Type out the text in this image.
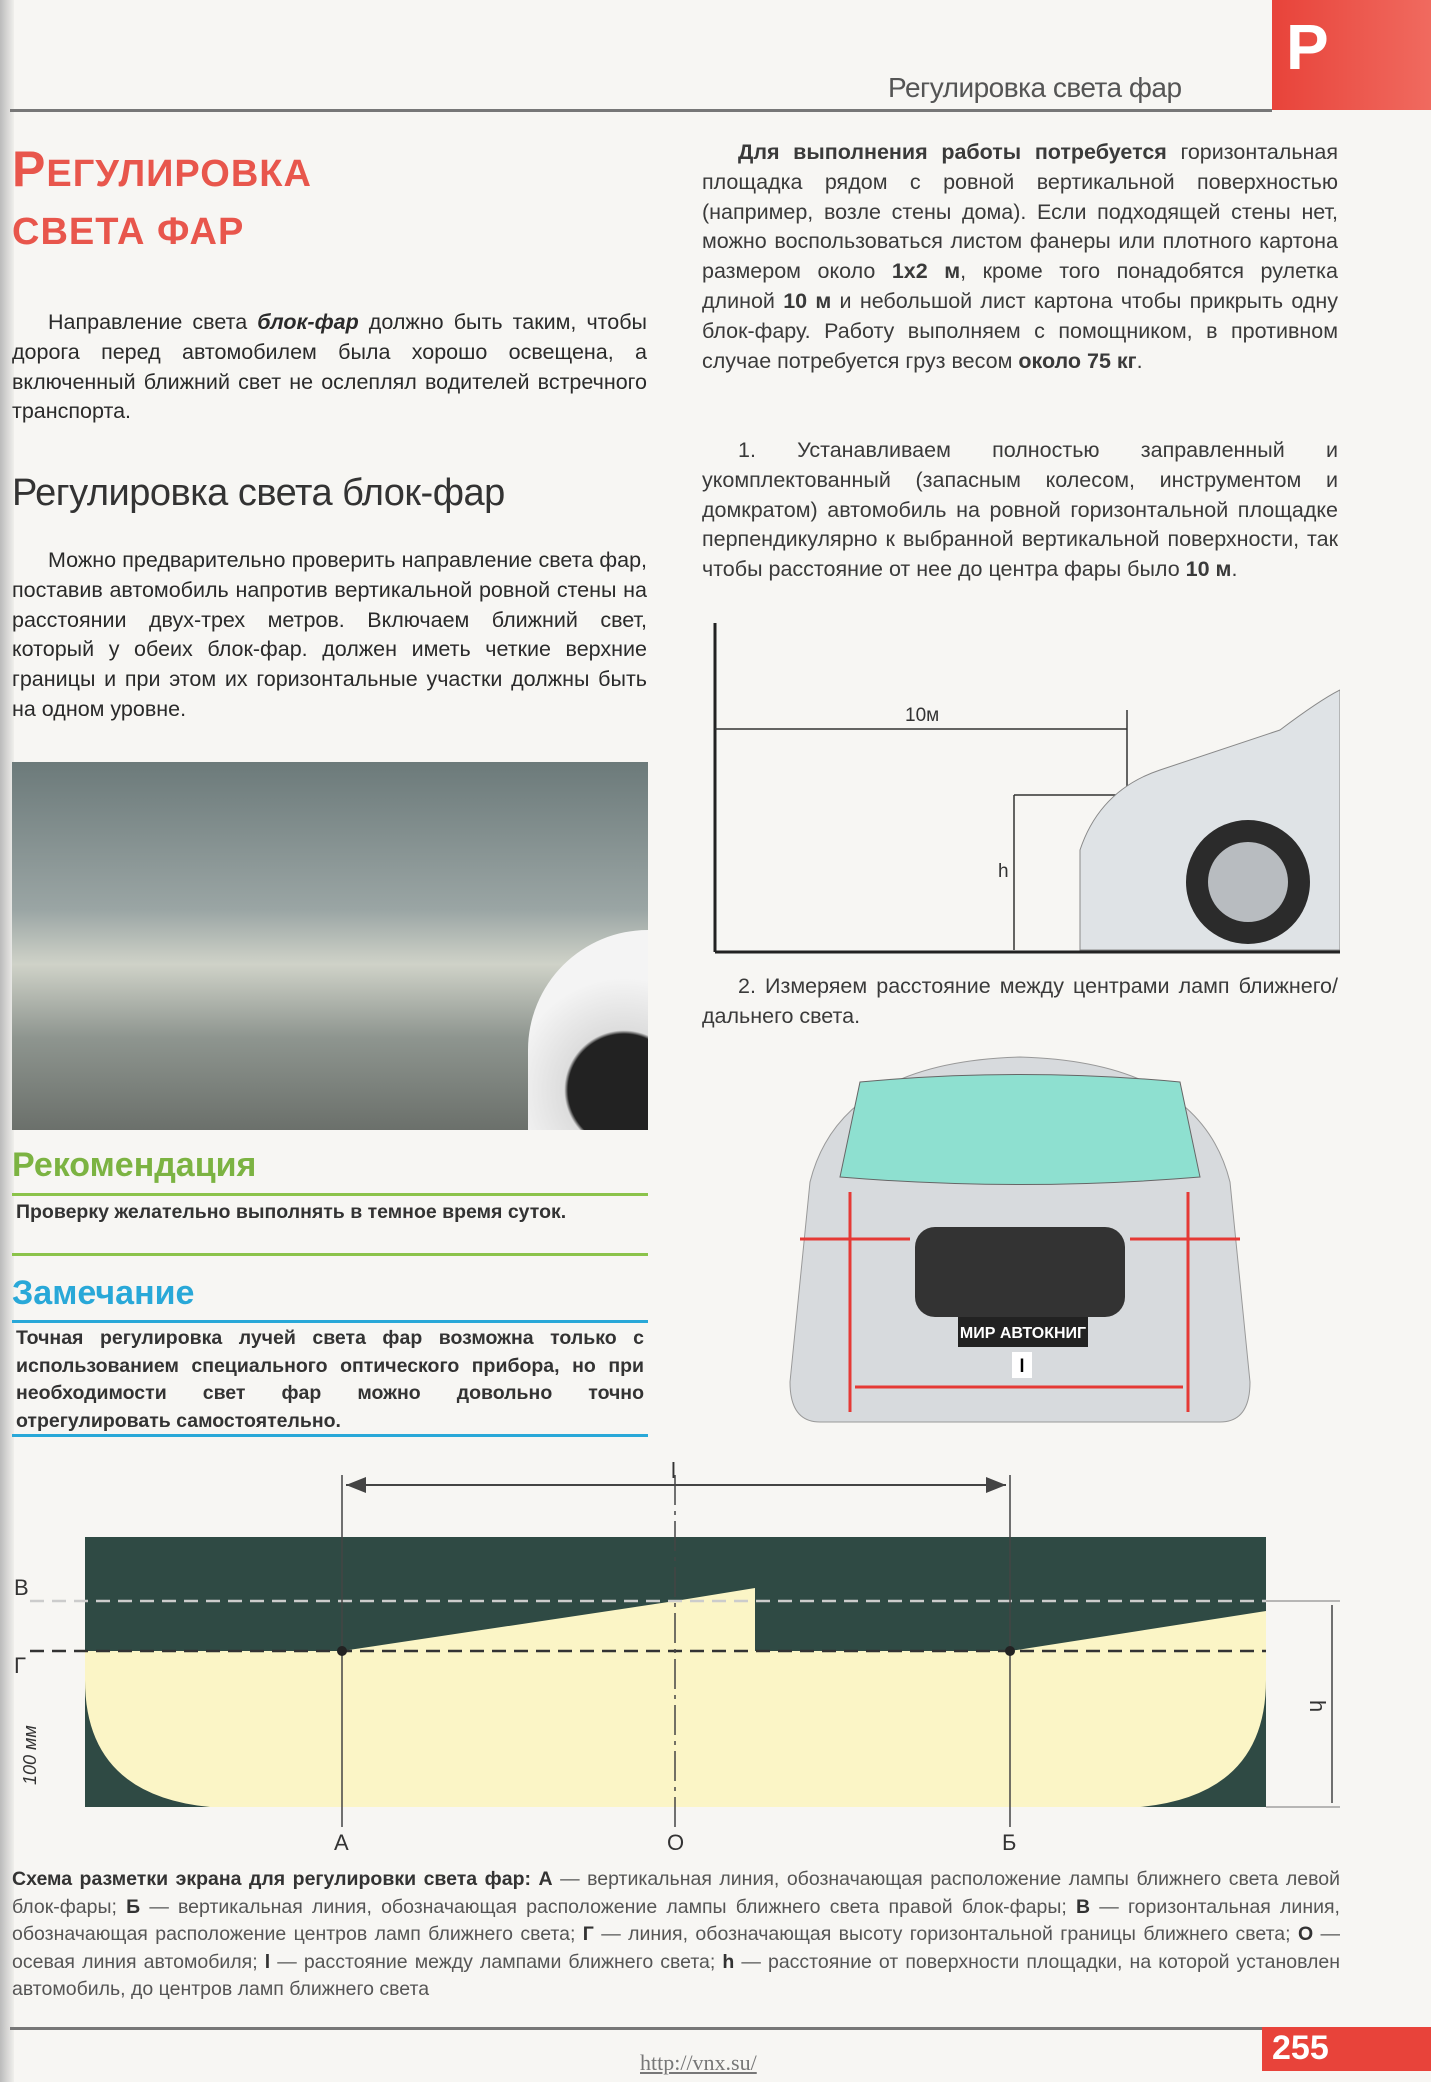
Регулировка света фар
Р
РЕГУЛИРОВКА
СВЕТА ФАР

Направление света блок-фар должно быть таким, чтобы дорога перед автомобилем была хорошо освещена, а включенный ближний свет не ослеплял водителей встречного транспорта.

Регулировка света блок-фар

Можно предварительно проверить направление света фар, поставив автомобиль напротив вертикальной ровной стены на расстоянии двух-трех метров. Включаем ближний свет, который у обеих блок-фар. должен иметь четкие верхние границы и при этом их горизонтальные участки должны быть на одном уровне.

Рекомендация

Проверку желательно выполнять в темное время суток.

Замечание

Точная регулировка лучей света фар возможна только с использованием специального оптического прибора, но при необходимости свет фар можно довольно точно отрегулировать самостоятельно.

Для выполнения работы потребуется горизонтальная площадка рядом с ровной вертикальной поверхностью (например, возле стены дома). Если подходящей стены нет, можно воспользоваться листом фанеры или плотного картона размером около 1х2 м, кроме того понадобятся рулетка длиной 10 м и небольшой лист картона чтобы прикрыть одну блок-фару. Работу выполняем с помощником, в противном случае потребуется груз весом около 75 кг.

1. Устанавливаем полностью заправленный и укомплектованный (запасным колесом, инструментом и домкратом) автомобиль на ровной горизонтальной площадке перпендикулярно к выбранной вертикальной поверхности, так чтобы расстояние от нее до центра фары было 10 м.

10м
h

2. Измеряем расстояние между центрами ламп ближнего/дальнего света.

МИР АВТОКНИГ
l
l
В
Г
100 мм
h
А	О	Б

Схема разметки экрана для регулировки света фар: А — вертикальная линия, обозначающая расположение лампы ближнего света левой блок-фары; Б — вертикальная линия, обозначающая расположение лампы ближнего света правой блок-фары; В — горизонтальная линия, обозначающая расположение центров ламп ближнего света; Г — линия, обозначающая высоту горизонтальной границы ближнего света; О — осевая линия автомобиля; l — расстояние между лампами ближнего света; h — расстояние от поверхности площадки, на которой установлен автомобиль, до центров ламп ближнего света

255
http://vnx.su/
